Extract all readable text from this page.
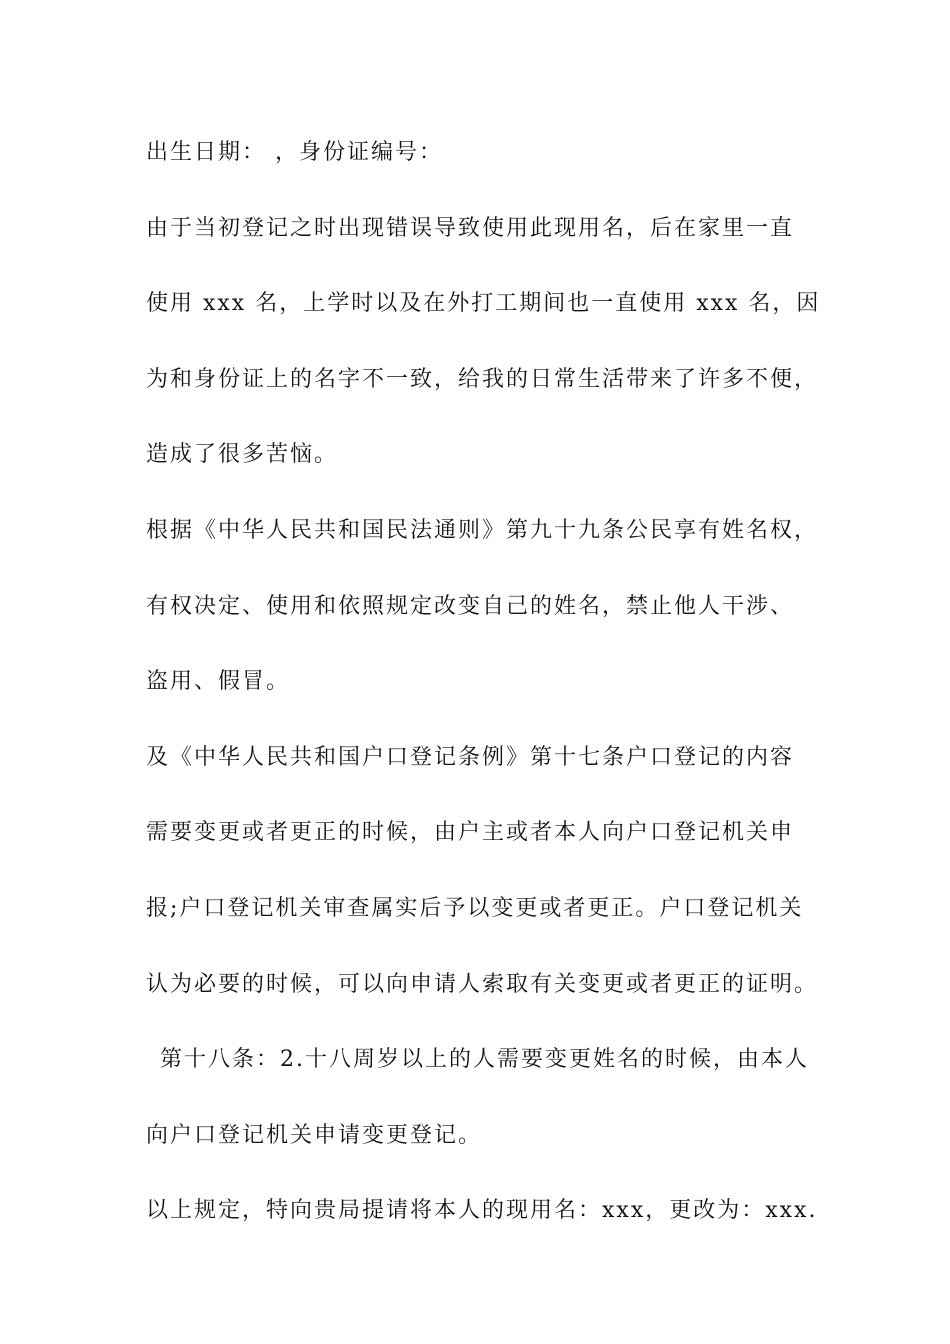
出生日期： ，身份证编号：
由于当初登记之时出现错误导致使用此现用名，后在家里一直
使用 xxx 名，上学时以及在外打工期间也一直使用 xxx 名，因
为和身份证上的名字不一致，给我的日常生活带来了许多不便，
造成了很多苦恼。
根据《中华人民共和国民法通则》第九十九条公民享有姓名权，
有权决定、使用和依照规定改变自己的姓名，禁止他人干涉、
盗用、假冒。
及《中华人民共和国户口登记条例》第十七条户口登记的内容
需要变更或者更正的时候，由户主或者本人向户口登记机关申
报;户口登记机关审查属实后予以变更或者更正。户口登记机关
认为必要的时候，可以向申请人索取有关变更或者更正的证明。
第十八条：2.十八周岁以上的人需要变更姓名的时候，由本人
向户口登记机关申请变更登记。
以上规定，特向贵局提请将本人的现用名：xxx，更改为：xxx.
